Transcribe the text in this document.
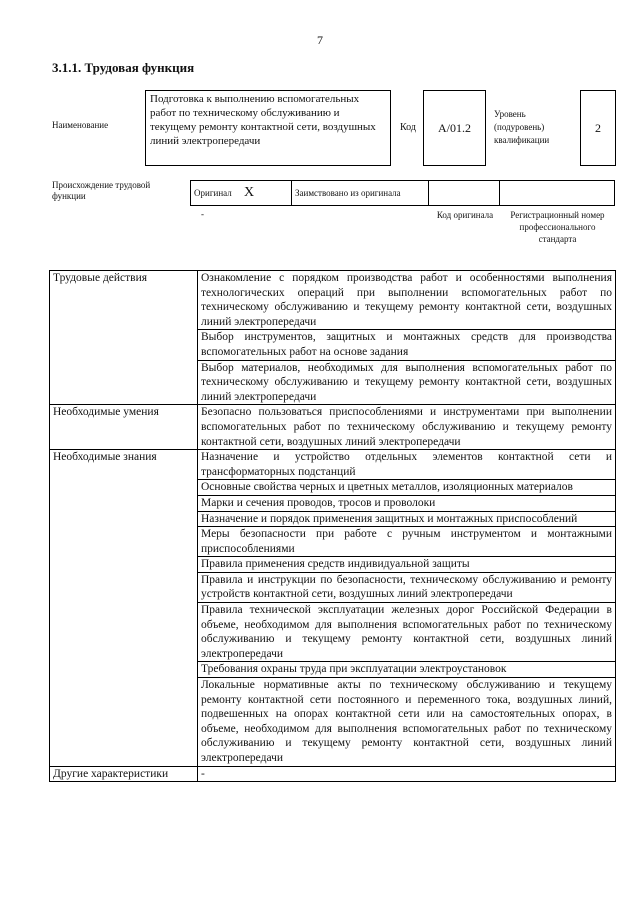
7
3.1.1. Трудовая функция
Наименование
Подготовка к выполнению вспомогательных работ по техническому обслуживанию и текущему ремонту контактной сети, воздушных линий электропередачи
Код	А/01.2
Уровень (подуровень) квалификации
2
Происхождение трудовой функции	Оригинал X	Заимствовано из оригинала		
-	Код оригинала	Регистрационный номер профессионального стандарта
Трудовые действия	Ознакомление с порядком производства работ и особенностями выполнения технологических операций при выполнении вспомогательных работ по техническому обслуживанию и текущему ремонту контактной сети, воздушных линий электропередачи
	Выбор инструментов, защитных и монтажных средств для производства вспомогательных работ на основе задания
	Выбор материалов, необходимых для выполнения вспомогательных работ по техническому обслуживанию и текущему ремонту контактной сети, воздушных линий электропередачи
Необходимые умения	Безопасно пользоваться приспособлениями и инструментами при выполнении вспомогательных работ по техническому обслуживанию и текущему ремонту контактной сети, воздушных линий электропередачи
Необходимые знания	Назначение и устройство отдельных элементов контактной сети и трансформаторных подстанций
	Основные свойства черных и цветных металлов, изоляционных материалов
	Марки и сечения проводов, тросов и проволоки
	Назначение и порядок применения защитных и монтажных приспособлений
	Меры безопасности при работе с ручным инструментом и монтажными приспособлениями
	Правила применения средств индивидуальной защиты
	Правила и инструкции по безопасности, техническому обслуживанию и ремонту устройств контактной сети, воздушных линий электропередачи
	Правила технической эксплуатации железных дорог Российской Федерации в объеме, необходимом для выполнения вспомогательных работ по техническому обслуживанию и текущему ремонту контактной сети, воздушных линий электропередачи
	Требования охраны труда при эксплуатации электроустановок
	Локальные нормативные акты по техническому обслуживанию и текущему ремонту контактной сети постоянного и переменного тока, воздушных линий, подвешенных на опорах контактной сети или на самостоятельных опорах, в объеме, необходимом для выполнения вспомогательных работ по техническому обслуживанию и текущему ремонту контактной сети, воздушных линий электропередачи
Другие характеристики	-
